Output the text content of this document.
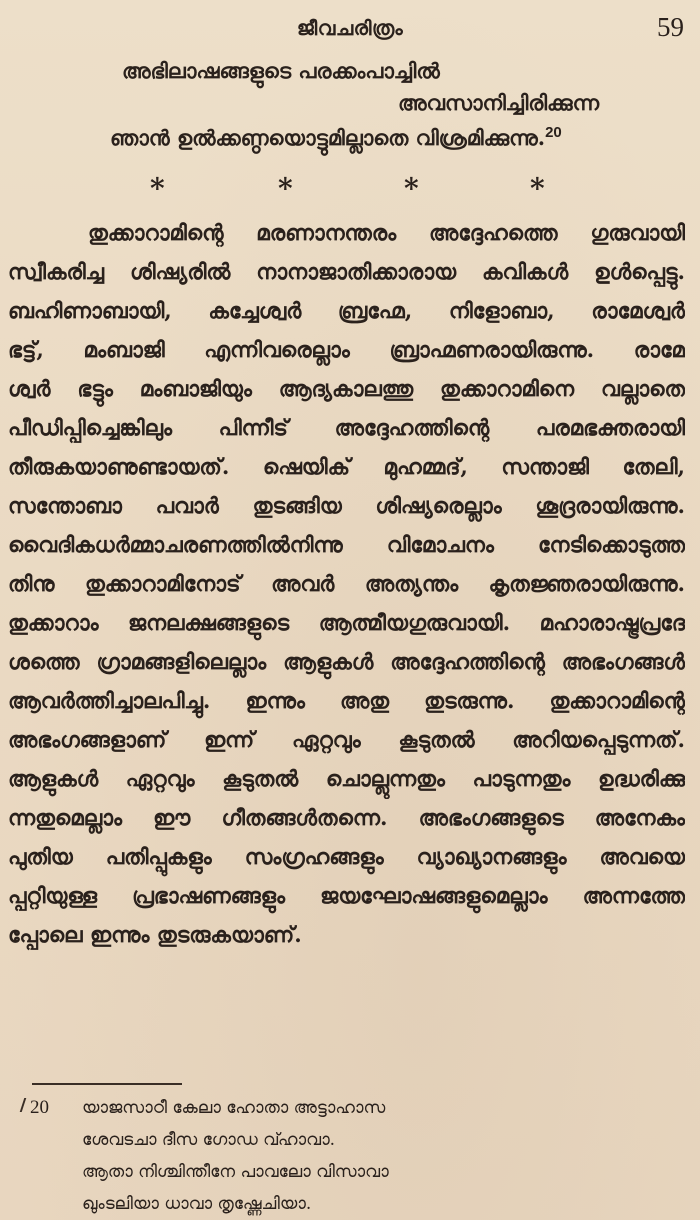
ജീവചരിത്രം	59
അഭിലാഷങ്ങളുടെ പരക്കംപാച്ചിൽ
അവസാനിച്ചിരിക്കുന്ന
ഞാൻ ഉൽക്കണ്ഠയൊട്ടുമില്ലാതെ വിശ്രമിക്കുന്നു.$^{20}$
*	*	*	*
തുക്കാറാമിന്റെ മരണാനന്തരം അദ്ദേഹത്തെ ഗുരുവായി
സ്വീകരിച്ച ശിഷ്യരിൽ നാനാജാതിക്കാരായ കവികൾ ഉൾപ്പെട്ടു.
ബഹിണാബായി, കച്ചേശ്വർ ബ്രഹ്മേ, നിളോബാ, രാമേശ്വർ
ഭട്ട്, മംബാജി എന്നിവരെല്ലാം ബ്രാഹ്മണരായിരുന്നു. രാമേ
ശ്വർ ഭട്ടും മംബാജിയും ആദ്യകാലത്തു തുക്കാറാമിനെ വല്ലാതെ
പീഡിപ്പിച്ചെങ്കിലും പിന്നീട് അദ്ദേഹത്തിന്റെ പരമഭക്തരായി
തീരുകയാണുണ്ടായത്. ഷെയിക് മുഹമ്മദ്, സന്താജി തേലി,
സന്തോബാ പവാർ തുടങ്ങിയ ശിഷ്യരെല്ലാം ശൂദ്രരായിരുന്നു.
വൈദികധർമ്മാചരണത്തിൽനിന്നു വിമോചനം നേടിക്കൊടുത്ത
തിനു തുക്കാറാമിനോട് അവർ അത്യന്തം കൃതജ്ഞരായിരുന്നു.
തുക്കാറാം ജനലക്ഷങ്ങളുടെ ആത്മീയഗുരുവായി. മഹാരാഷ്ട്രപ്രദേ
ശത്തെ ഗ്രാമങ്ങളിലെല്ലാം ആളുകൾ അദ്ദേഹത്തിന്റെ അഭംഗങ്ങൾ
ആവർത്തിച്ചാലപിച്ചു. ഇന്നും അതു തുടരുന്നു. തുക്കാറാമിന്റെ
അഭംഗങ്ങളാണ് ഇന്ന് ഏറ്റവും കൂടുതൽ അറിയപ്പെടുന്നത്.
ആളുകൾ ഏറ്റവും കൂടുതൽ ചൊല്ലുന്നതും പാടുന്നതും ഉദ്ധരിക്കു
ന്നതുമെല്ലാം ഈ ഗീതങ്ങൾതന്നെ. അഭംഗങ്ങളുടെ അനേകം
പുതിയ പതിപ്പുകളും സംഗ്രഹങ്ങളും വ്യാഖ്യാനങ്ങളും അവയെ
പ്പറ്റിയുള്ള പ്രഭാഷണങ്ങളും ജയഘോഷങ്ങളുമെല്ലാം അന്നത്തേ
പ്പോലെ ഇന്നും തുടരുകയാണ്.
20 യാജസാഠീ കേലാ ഹോതാ അട്ടാഹാസ
ശേവടചാ ദീസ ഗോഡ വ്ഹാവാ.
ആതാ നിശ്ചിന്തീനേ പാവലോ വിസാവാ
ഖുംടലിയാ ധാവാ തൃഷ്ണേചിയാ.
